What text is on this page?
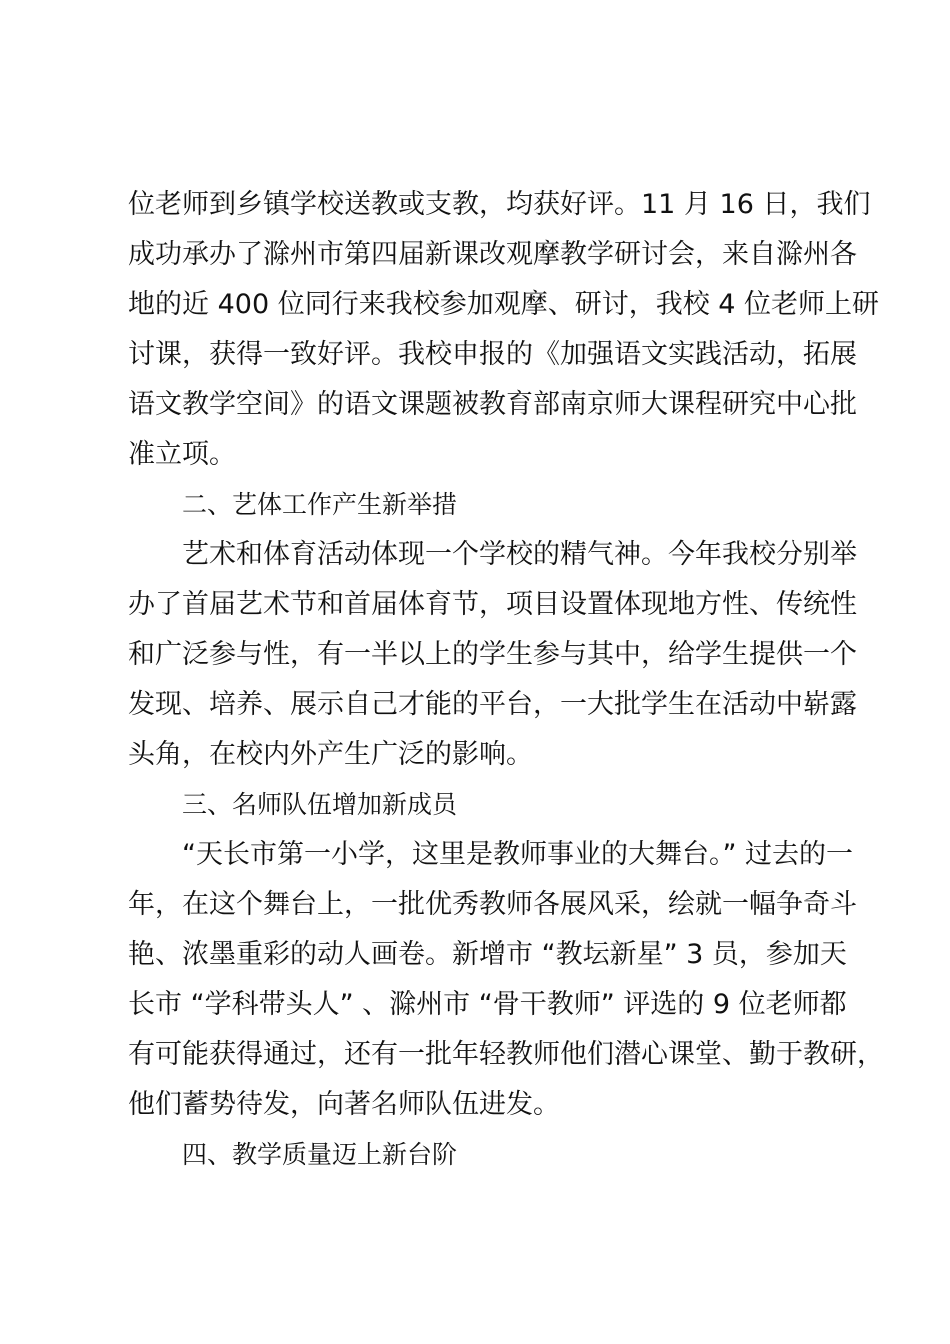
位老师到乡镇学校送教或支教，均获好评。11 月 16 日，我们
成功承办了滁州市第四届新课改观摩教学研讨会，来自滁州各
地的近 400 位同行来我校参加观摩、研讨，我校 4 位老师上研
讨课，获得一致好评。我校申报的《加强语文实践活动，拓展
语文教学空间》的语文课题被教育部南京师大课程研究中心批
准立项。
二、艺体工作产生新举措
艺术和体育活动体现一个学校的精气神。今年我校分别举
办了首届艺术节和首届体育节，项目设置体现地方性、传统性
和广泛参与性，有一半以上的学生参与其中，给学生提供一个
发现、培养、展示自己才能的平台，一大批学生在活动中崭露
头角，在校内外产生广泛的影响。
三、名师队伍增加新成员
“天长市第一小学，这里是教师事业的大舞台。” 过去的一
年，在这个舞台上，一批优秀教师各展风采，绘就一幅争奇斗
艳、浓墨重彩的动人画卷。新增市 “教坛新星” 3 员，参加天
长市 “学科带头人” 、滁州市 “骨干教师” 评选的 9 位老师都
有可能获得通过，还有一批年轻教师他们潜心课堂、勤于教研，
他们蓄势待发，向著名师队伍进发。
四、教学质量迈上新台阶
